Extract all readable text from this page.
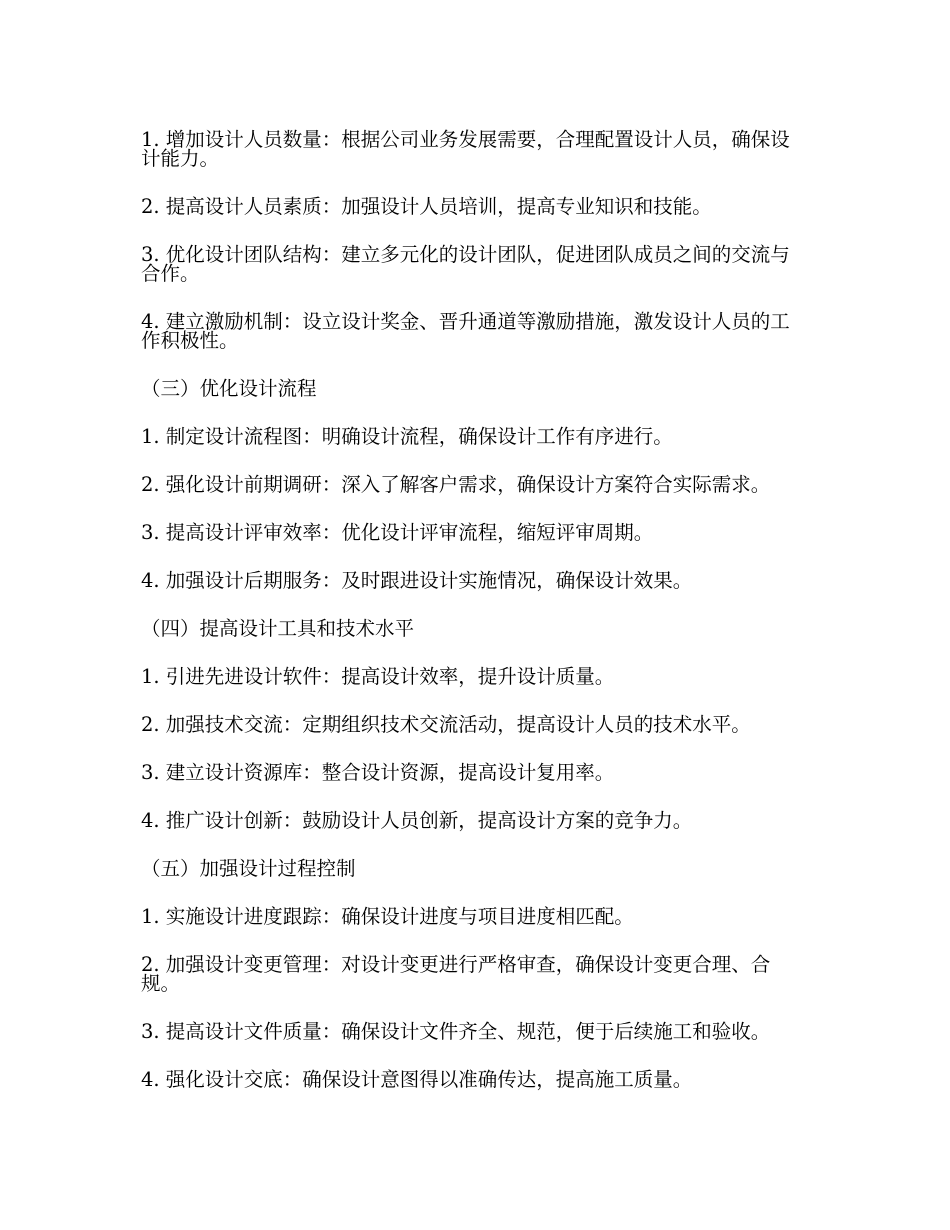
1. 增加设计人员数量：根据公司业务发展需要，合理配置设计人员，确保设计能力。

2. 提高设计人员素质：加强设计人员培训，提高专业知识和技能。

3. 优化设计团队结构：建立多元化的设计团队，促进团队成员之间的交流与合作。

4. 建立激励机制：设立设计奖金、晋升通道等激励措施，激发设计人员的工作积极性。

（三）优化设计流程

1. 制定设计流程图：明确设计流程，确保设计工作有序进行。

2. 强化设计前期调研：深入了解客户需求，确保设计方案符合实际需求。

3. 提高设计评审效率：优化设计评审流程，缩短评审周期。

4. 加强设计后期服务：及时跟进设计实施情况，确保设计效果。

（四）提高设计工具和技术水平

1. 引进先进设计软件：提高设计效率，提升设计质量。

2. 加强技术交流：定期组织技术交流活动，提高设计人员的技术水平。

3. 建立设计资源库：整合设计资源，提高设计复用率。

4. 推广设计创新：鼓励设计人员创新，提高设计方案的竞争力。

（五）加强设计过程控制

1. 实施设计进度跟踪：确保设计进度与项目进度相匹配。

2. 加强设计变更管理：对设计变更进行严格审查，确保设计变更合理、合规。

3. 提高设计文件质量：确保设计文件齐全、规范，便于后续施工和验收。

4. 强化设计交底：确保设计意图得以准确传达，提高施工质量。
